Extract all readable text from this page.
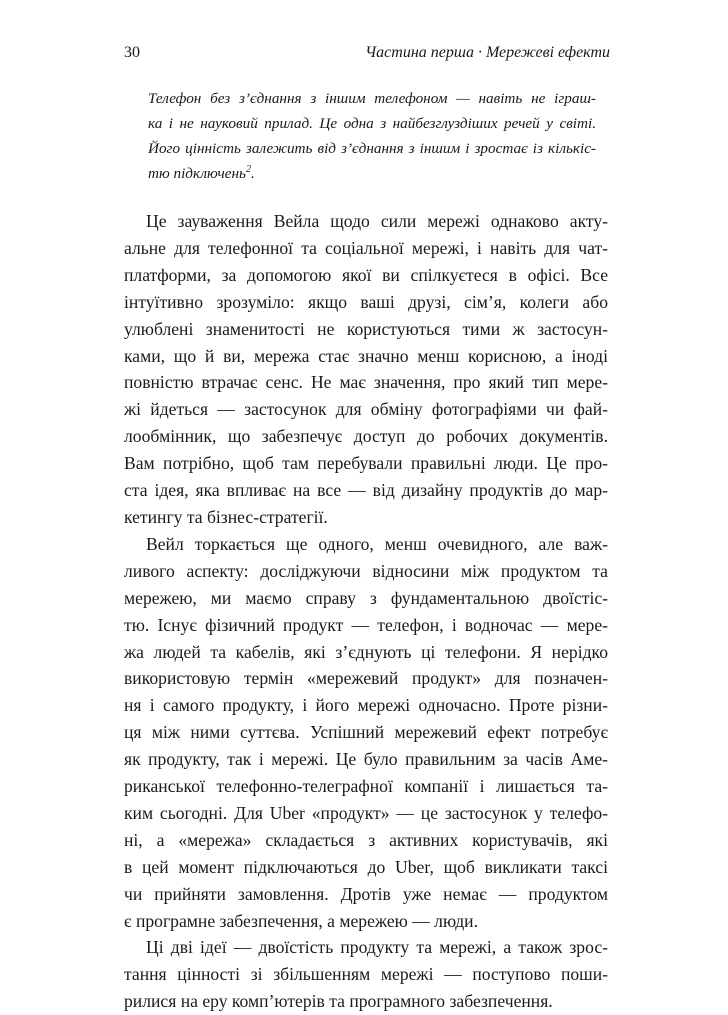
30	Частина перша · Мережеві ефекти
Телефон без з’єднання з іншим телефоном — навіть не іграш-
ка і не науковий прилад. Це одна з найбезглуздіших речей у світі.
Його цінність залежить від з’єднання з іншим і зростає із кількіс-
тю підключень$^2$.
Це зауваження Вейла щодо сили мережі однаково акту-
альне для телефонної та соціальної мережі, і навіть для чат-
платформи, за допомогою якої ви спілкуєтеся в офісі. Все
інтуїтивно зрозуміло: якщо ваші друзі, сім’я, колеги або
улюблені знаменитості не користуються тими ж застосун-
ками, що й ви, мережа стає значно менш корисною, а іноді
повністю втрачає сенс. Не має значення, про який тип мере-
жі йдеться — застосунок для обміну фотографіями чи фай-
лообмінник, що забезпечує доступ до робочих документів.
Вам потрібно, щоб там перебували правильні люди. Це про-
ста ідея, яка впливає на все — від дизайну продуктів до мар-
кетингу та бізнес-стратегії.
Вейл торкається ще одного, менш очевидного, але важ-
ливого аспекту: досліджуючи відносини між продуктом та
мережею, ми маємо справу з фундаментальною двоїстіс-
тю. Існує фізичний продукт — телефон, і водночас — мере-
жа людей та кабелів, які з’єднують ці телефони. Я нерідко
використовую термін «мережевий продукт» для позначен-
ня і самого продукту, і його мережі одночасно. Проте різни-
ця між ними суттєва. Успішний мережевий ефект потребує
як продукту, так і мережі. Це було правильним за часів Аме-
риканської телефонно-телеграфної компанії і лишається та-
ким сьогодні. Для Uber «продукт» — це застосунок у телефо-
ні, а «мережа» складається з активних користувачів, які
в цей момент підключаються до Uber, щоб викликати таксі
чи прийняти замовлення. Дротів уже немає — продуктом
є програмне забезпечення, а мережею — люди.
Ці дві ідеї — двоїстість продукту та мережі, а також зрос-
тання цінності зі збільшенням мережі — поступово поши-
рилися на еру комп’ютерів та програмного забезпечення.
